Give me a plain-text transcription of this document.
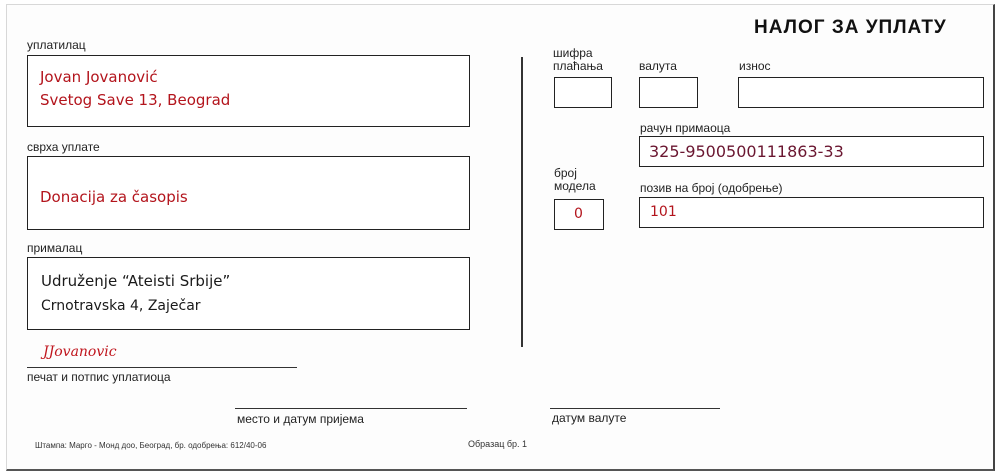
НАЛОГ ЗА УПЛАТУ
уплатилац
Jovan Jovanović
Svetog Save 13, Beograd
сврха уплате
Donacija za časopis
прималац
Udruženje “Ateisti Srbije”
Crnotravska 4, Zaječar
JJovanovic
печат и потпис уплатиоца
шифра
плаћања	валута	износ
рачун примаоца
325-9500500111863-33
број
модела
0
позив на број (одобрење)
101
место и датум пријема	датум валуте
Штампа: Марго - Монд доо, Београд, бр. одобрења: 612/40-06	Образац бр. 1
